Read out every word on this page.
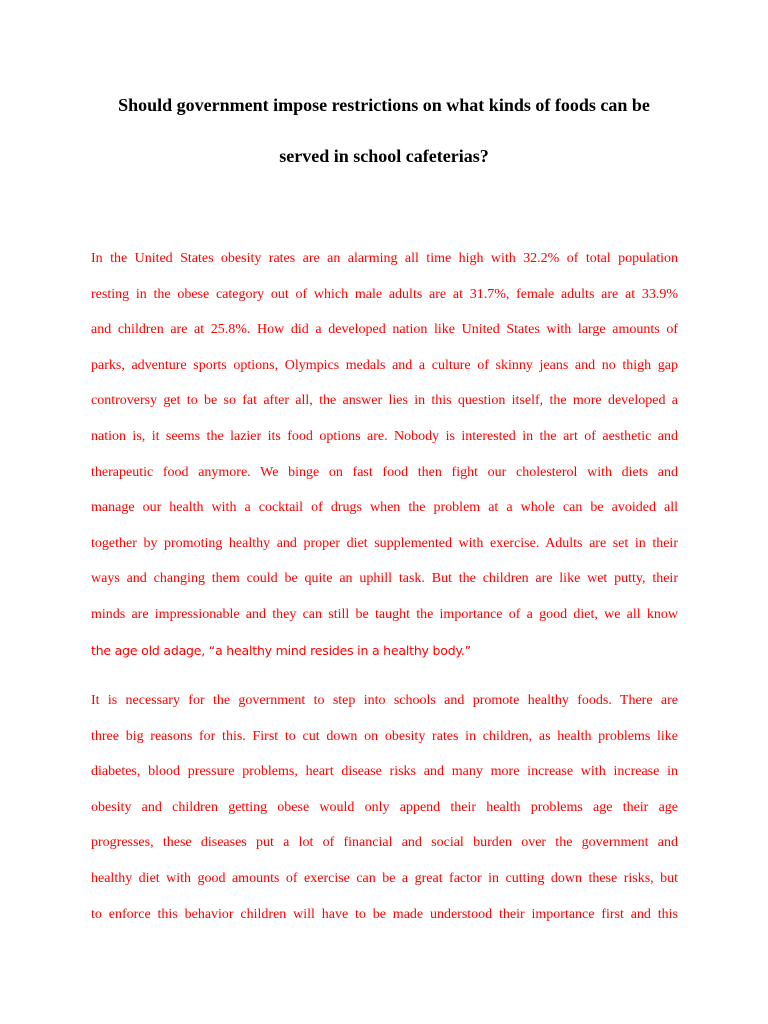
Should government impose restrictions on what kinds of foods can be
served in school cafeterias?
In the United States obesity rates are an alarming all time high with 32.2% of total population
resting in the obese category out of which male adults are at 31.7%, female adults are at 33.9%
and children are at 25.8%. How did a developed nation like United States with large amounts of
parks, adventure sports options, Olympics medals and a culture of skinny jeans and no thigh gap
controversy get to be so fat after all, the answer lies in this question itself, the more developed a
nation is, it seems the lazier its food options are. Nobody is interested in the art of aesthetic and
therapeutic food anymore. We binge on fast food then fight our cholesterol with diets and
manage our health with a cocktail of drugs when the problem at a whole can be avoided all
together by promoting healthy and proper diet supplemented with exercise. Adults are set in their
ways and changing them could be quite an uphill task. But the children are like wet putty, their
minds are impressionable and they can still be taught the importance of a good diet, we all know
the age old adage, “a healthy mind resides in a healthy body.”
It is necessary for the government to step into schools and promote healthy foods. There are
three big reasons for this. First to cut down on obesity rates in children, as health problems like
diabetes, blood pressure problems, heart disease risks and many more increase with increase in
obesity and children getting obese would only append their health problems age their age
progresses, these diseases put a lot of financial and social burden over the government and
healthy diet with good amounts of exercise can be a great factor in cutting down these risks, but
to enforce this behavior children will have to be made understood their importance first and this
